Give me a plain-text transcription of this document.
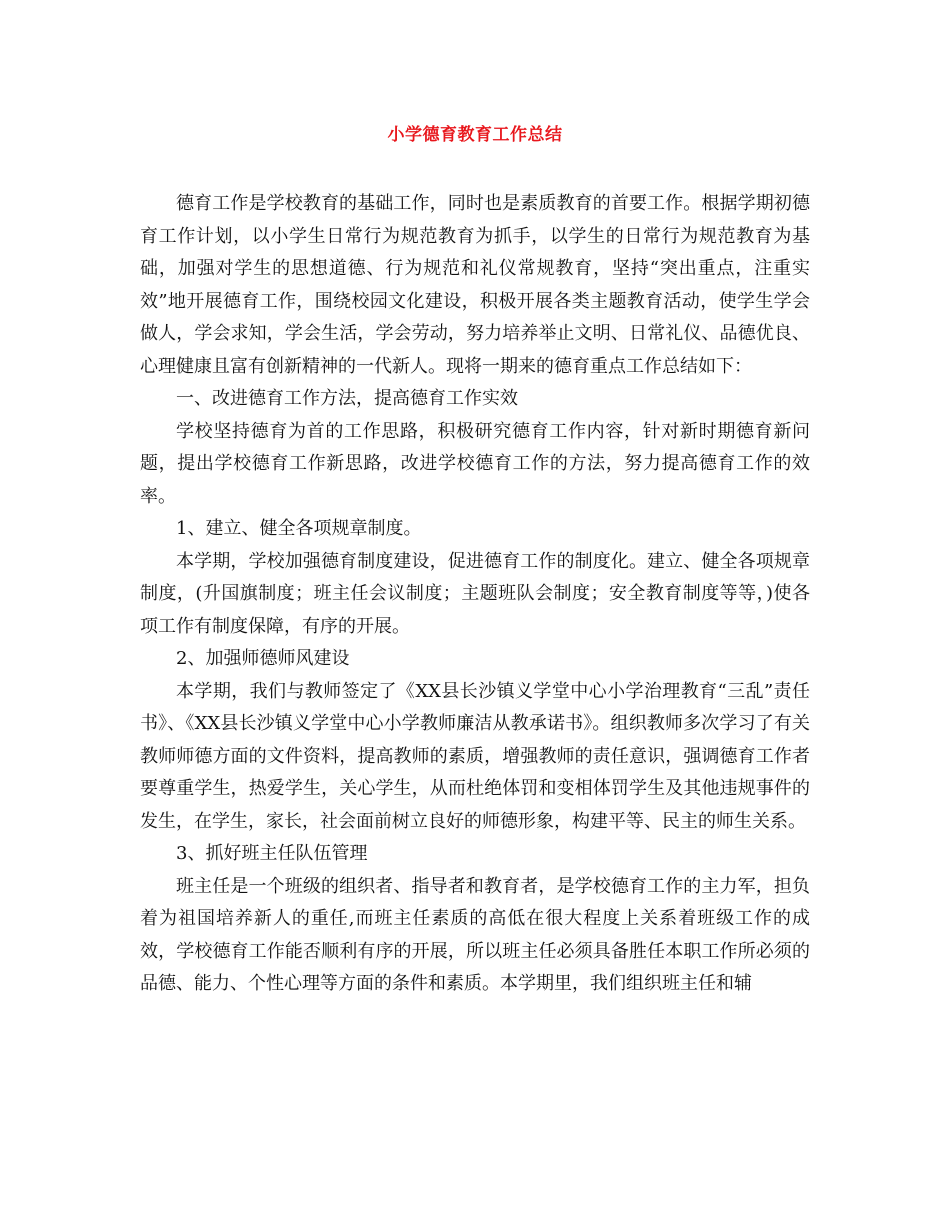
小学德育教育工作总结

德育工作是学校教育的基础工作，同时也是素质教育的首要工作。根据学期初德育工作计划，以小学生日常行为规范教育为抓手，以学生的日常行为规范教育为基础，加强对学生的思想道德、行为规范和礼仪常规教育，坚持“突出重点，注重实效”地开展德育工作，围绕校园文化建设，积极开展各类主题教育活动，使学生学会做人，学会求知，学会生活，学会劳动，努力培养举止文明、日常礼仪、品德优良、心理健康且富有创新精神的一代新人。现将一期来的德育重点工作总结如下：

一、改进德育工作方法，提高德育工作实效

学校坚持德育为首的工作思路，积极研究德育工作内容，针对新时期德育新问题，提出学校德育工作新思路，改进学校德育工作的方法，努力提高德育工作的效率。

1、建立、健全各项规章制度。

本学期，学校加强德育制度建设，促进德育工作的制度化。建立、健全各项规章制度，(升国旗制度；班主任会议制度；主题班队会制度；安全教育制度等等，)使各项工作有制度保障，有序的开展。

2、加强师德师风建设

本学期，我们与教师签定了《XX县长沙镇义学堂中心小学治理教育“三乱”责任书》、《XX县长沙镇义学堂中心小学教师廉洁从教承诺书》。组织教师多次学习了有关教师师德方面的文件资料，提高教师的素质，增强教师的责任意识，强调德育工作者要尊重学生，热爱学生，关心学生，从而杜绝体罚和变相体罚学生及其他违规事件的发生，在学生，家长，社会面前树立良好的师德形象，构建平等、民主的师生关系。

3、抓好班主任队伍管理

班主任是一个班级的组织者、指导者和教育者，是学校德育工作的主力军，担负着为祖国培养新人的重任,而班主任素质的高低在很大程度上关系着班级工作的成效，学校德育工作能否顺利有序的开展，所以班主任必须具备胜任本职工作所必须的品德、能力、个性心理等方面的条件和素质。本学期里，我们组织班主任和辅
